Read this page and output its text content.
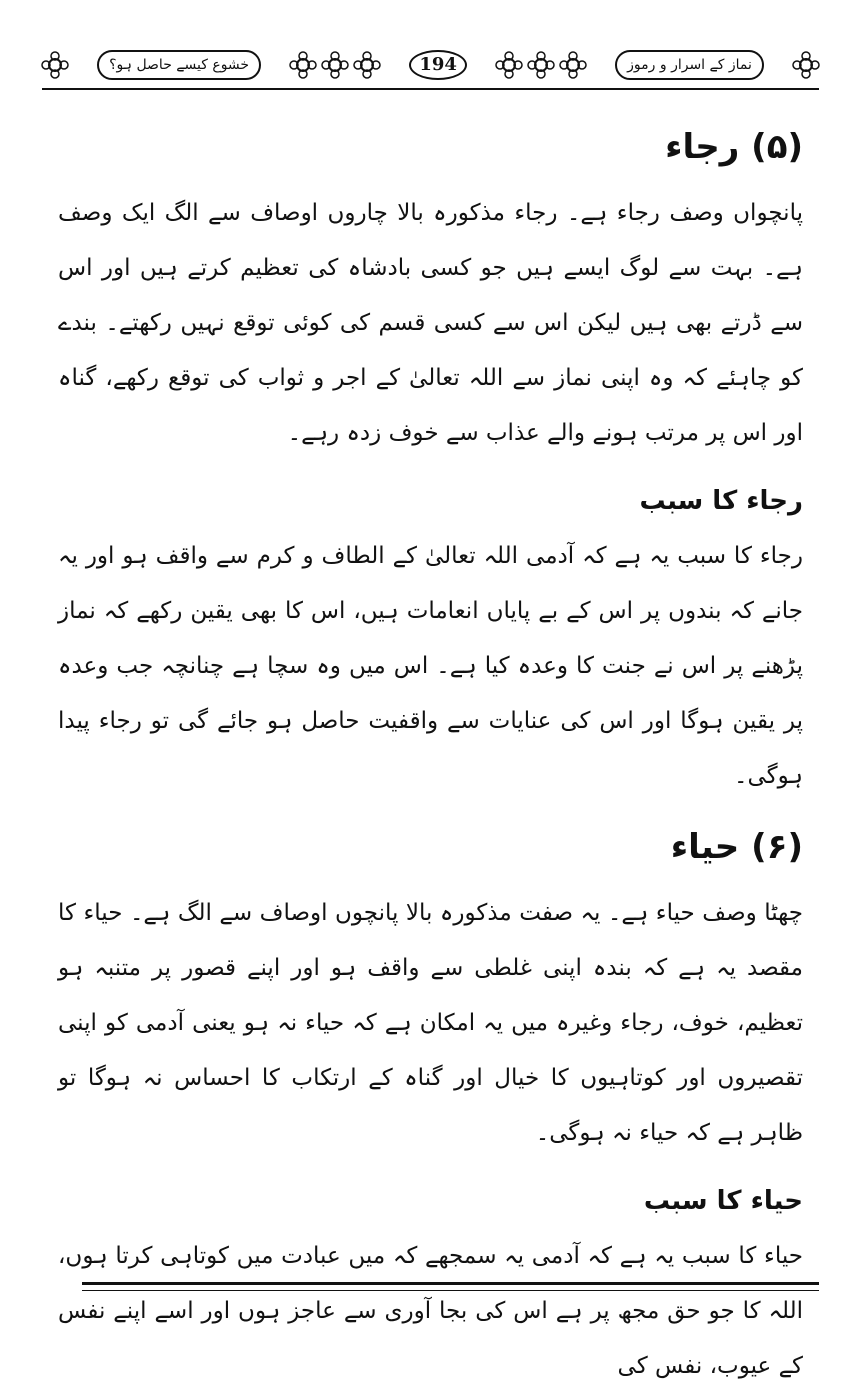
خشوع کیسے حاصل ہو؟	194	نماز کے اسرار و رموز
(۵) رجاء

پانچواں وصف رجاء ہے۔ رجاء مذکورہ بالا چاروں اوصاف سے الگ ایک وصف ہے۔ بہت سے لوگ ایسے ہیں جو کسی بادشاہ کی تعظیم کرتے ہیں اور اس سے ڈرتے بھی ہیں لیکن اس سے کسی قسم کی کوئی توقع نہیں رکھتے۔ بندے کو چاہئے کہ وہ اپنی نماز سے اللہ تعالیٰ کے اجر و ثواب کی توقع رکھے، گناہ اور اس پر مرتب ہونے والے عذاب سے خوف زدہ رہے۔

رجاء کا سبب

رجاء کا سبب یہ ہے کہ آدمی اللہ تعالیٰ کے الطاف و کرم سے واقف ہو اور یہ جانے کہ بندوں پر اس کے بے پایاں انعامات ہیں، اس کا بھی یقین رکھے کہ نماز پڑھنے پر اس نے جنت کا وعدہ کیا ہے۔ اس میں وہ سچا ہے چنانچہ جب وعدہ پر یقین ہوگا اور اس کی عنایات سے واقفیت حاصل ہو جائے گی تو رجاء پیدا ہوگی۔

(۶) حیاء

چھٹا وصف حیاء ہے۔ یہ صفت مذکورہ بالا پانچوں اوصاف سے الگ ہے۔ حیاء کا مقصد یہ ہے کہ بندہ اپنی غلطی سے واقف ہو اور اپنے قصور پر متنبہ ہو تعظیم، خوف، رجاء وغیرہ میں یہ امکان ہے کہ حیاء نہ ہو یعنی آدمی کو اپنی تقصیروں اور کوتاہیوں کا خیال اور گناہ کے ارتکاب کا احساس نہ ہوگا تو ظاہر ہے کہ حیاء نہ ہوگی۔

حیاء کا سبب

حیاء کا سبب یہ ہے کہ آدمی یہ سمجھے کہ میں عبادت میں کوتاہی کرتا ہوں، اللہ کا جو حق مجھ پر ہے اس کی بجا آوری سے عاجز ہوں اور اسے اپنے نفس کے عیوب، نفس کی
